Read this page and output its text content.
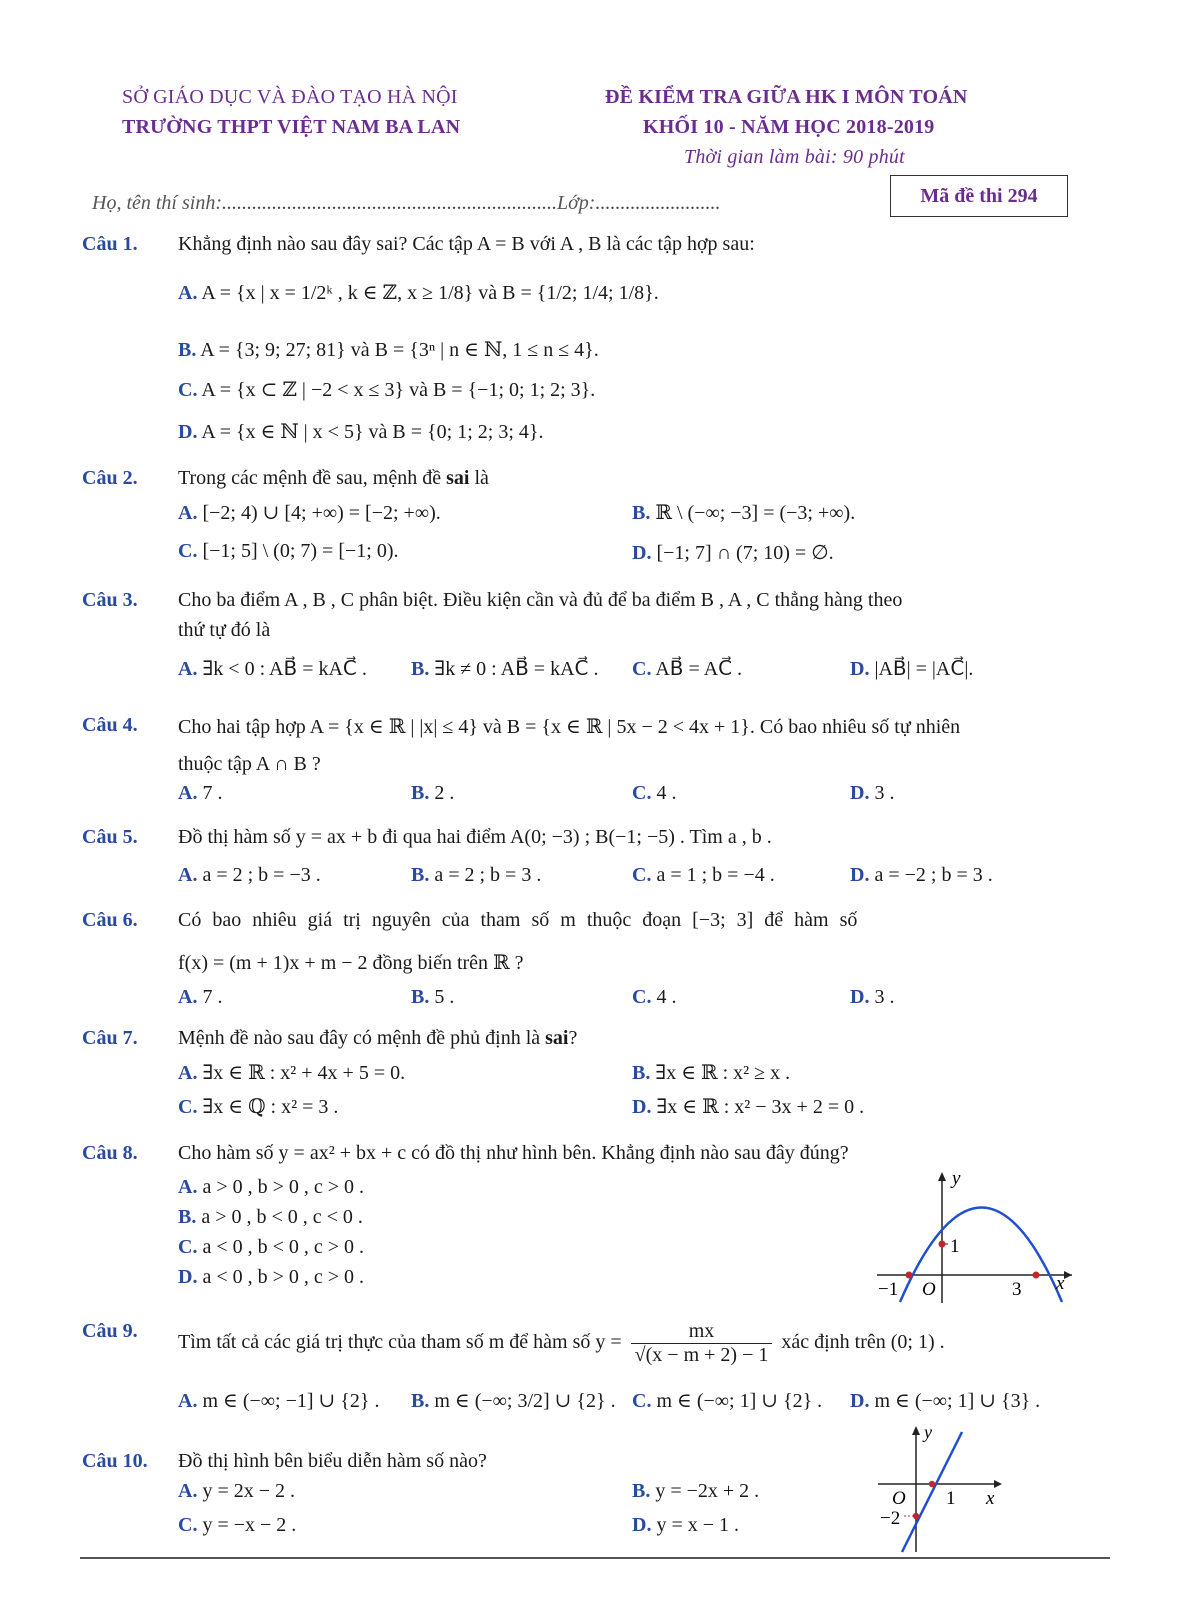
SỞ GIÁO DỤC VÀ ĐÀO TẠO HÀ NỘI
TRƯỜNG THPT VIỆT NAM BA LAN
ĐỀ KIỂM TRA GIỮA HK I MÔN TOÁN
KHỐI 10 - NĂM HỌC 2018-2019
Thời gian làm bài: 90 phút
Họ, tên thí sinh:...................................................................Lớp:.........................	Mã đề thi 294
Câu 1. Khẳng định nào sau đây sai? Các tập A = B với A , B là các tập hợp sau:
A. A = {x | x = 1/2ᵏ , k ∈ ℤ, x ≥ 1/8} và B = {1/2; 1/4; 1/8}.
B. A = {3; 9; 27; 81} và B = {3ⁿ | n ∈ ℕ, 1 ≤ n ≤ 4}.
C. A = {x ⊂ ℤ | −2 < x ≤ 3} và B = {−1; 0; 1; 2; 3}.
D. A = {x ∈ ℕ | x < 5} và B = {0; 1; 2; 3; 4}.
Câu 2. Trong các mệnh đề sau, mệnh đề sai là
A. [−2; 4) ∪ [4; +∞) = [−2; +∞).	B. ℝ \ (−∞; −3] = (−3; +∞).
C. [−1; 5] \ (0; 7) = [−1; 0).	D. [−1; 7] ∩ (7; 10) = ∅.
Câu 3. Cho ba điểm A , B , C phân biệt. Điều kiện cần và đủ để ba điểm B , A , C thẳng hàng theo
thứ tự đó là
A. ∃k < 0 : AB⃗ = kAC⃗ . B. ∃k ≠ 0 : AB⃗ = kAC⃗ . C. AB⃗ = AC⃗ .	D. |AB⃗| = |AC⃗|.
Câu 4. Cho hai tập hợp A = {x ∈ ℝ | |x| ≤ 4} và B = {x ∈ ℝ | 5x − 2 < 4x + 1}. Có bao nhiêu số tự nhiên
thuộc tập A ∩ B ?
A. 7 .	B. 2 .	C. 4 .	D. 3 .
Câu 5. Đồ thị hàm số y = ax + b đi qua hai điểm A(0; −3) ; B(−1; −5) . Tìm a , b .
A. a = 2 ; b = −3 .	B. a = 2 ; b = 3 .	C. a = 1 ; b = −4 .	D. a = −2 ; b = 3 .
Câu 6. Có bao nhiêu giá trị nguyên của tham số m thuộc đoạn [−3; 3] để hàm số
f(x) = (m + 1)x + m − 2 đồng biến trên ℝ ?
A. 7 .	B. 5 .	C. 4 .	D. 3 .
Câu 7. Mệnh đề nào sau đây có mệnh đề phủ định là sai?
A. ∃x ∈ ℝ : x² + 4x + 5 = 0.	B. ∃x ∈ ℝ : x² ≥ x .
C. ∃x ∈ ℚ : x² = 3 .	D. ∃x ∈ ℝ : x² − 3x + 2 = 0 .
Câu 8. Cho hàm số y = ax² + bx + c có đồ thị như hình bên. Khẳng định nào sau đây đúng?
A. a > 0 , b > 0 , c > 0 .
B. a > 0 , b < 0 , c < 0 .
C. a < 0 , b < 0 , c > 0 .
D. a < 0 , b > 0 , c > 0 .
y
1
O
−1	3 x
Câu 9.
Tìm tất cả các giá trị thực của tham số m để hàm số $y = \frac{mx}{√(x - m + 2) - 1}$ xác định trên (0; 1) .
A. m ∈ (−∞; −1] ∪ {2} . B. m ∈ (−∞; 3/2] ∪ {2} . C. m ∈ (−∞; 1] ∪ {2} . D. m ∈ (−∞; 1] ∪ {3} .
Câu 10. Đồ thị hình bên biểu diễn hàm số nào?
A. y = 2x − 2 .	B. y = −2x + 2 .
C. y = −x − 2 .	D. y = x − 1 .
y
O 1 x
−2
